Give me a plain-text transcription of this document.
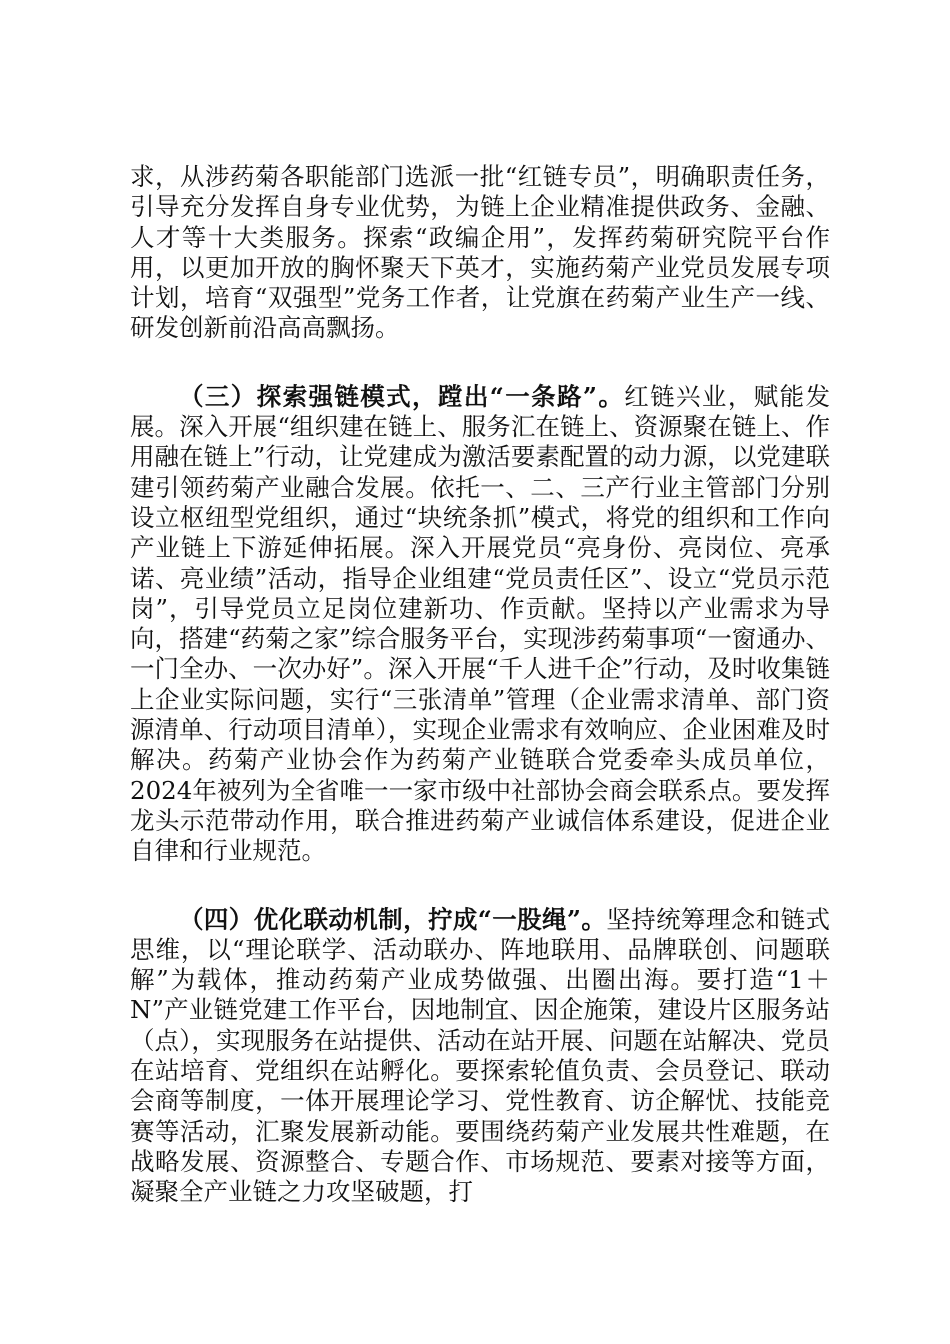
求，从涉药菊各职能部门选派一批“红链专员”，明确职责任务，引导充分发挥自身专业优势，为链上企业精准提供政务、金融、人才等十大类服务。探索“政编企用”，发挥药菊研究院平台作用，以更加开放的胸怀聚天下英才，实施药菊产业党员发展专项计划，培育“双强型”党务工作者，让党旗在药菊产业生产一线、研发创新前沿高高飘扬。

（三）探索强链模式，蹚出“一条路”。红链兴业，赋能发展。深入开展“组织建在链上、服务汇在链上、资源聚在链上、作用融在链上”行动，让党建成为激活要素配置的动力源，以党建联建引领药菊产业融合发展。依托一、二、三产行业主管部门分别设立枢纽型党组织，通过“块统条抓”模式，将党的组织和工作向产业链上下游延伸拓展。深入开展党员“亮身份、亮岗位、亮承诺、亮业绩”活动，指导企业组建“党员责任区”、设立“党员示范岗”，引导党员立足岗位建新功、作贡献。坚持以产业需求为导向，搭建“药菊之家”综合服务平台，实现涉药菊事项“一窗通办、一门全办、一次办好”。深入开展“千人进千企”行动，及时收集链上企业实际问题，实行“三张清单”管理（企业需求清单、部门资源清单、行动项目清单），实现企业需求有效响应、企业困难及时解决。药菊产业协会作为药菊产业链联合党委牵头成员单位，2024年被列为全省唯一一家市级中社部协会商会联系点。要发挥龙头示范带动作用，联合推进药菊产业诚信体系建设，促进企业自律和行业规范。

（四）优化联动机制，拧成“一股绳”。坚持统筹理念和链式思维，以“理论联学、活动联办、阵地联用、品牌联创、问题联解”为载体，推动药菊产业成势做强、出圈出海。要打造“1＋N”产业链党建工作平台，因地制宜、因企施策，建设片区服务站（点），实现服务在站提供、活动在站开展、问题在站解决、党员在站培育、党组织在站孵化。要探索轮值负责、会员登记、联动会商等制度，一体开展理论学习、党性教育、访企解忧、技能竞赛等活动，汇聚发展新动能。要围绕药菊产业发展共性难题，在战略发展、资源整合、专题合作、市场规范、要素对接等方面，凝聚全产业链之力攻坚破题，打
